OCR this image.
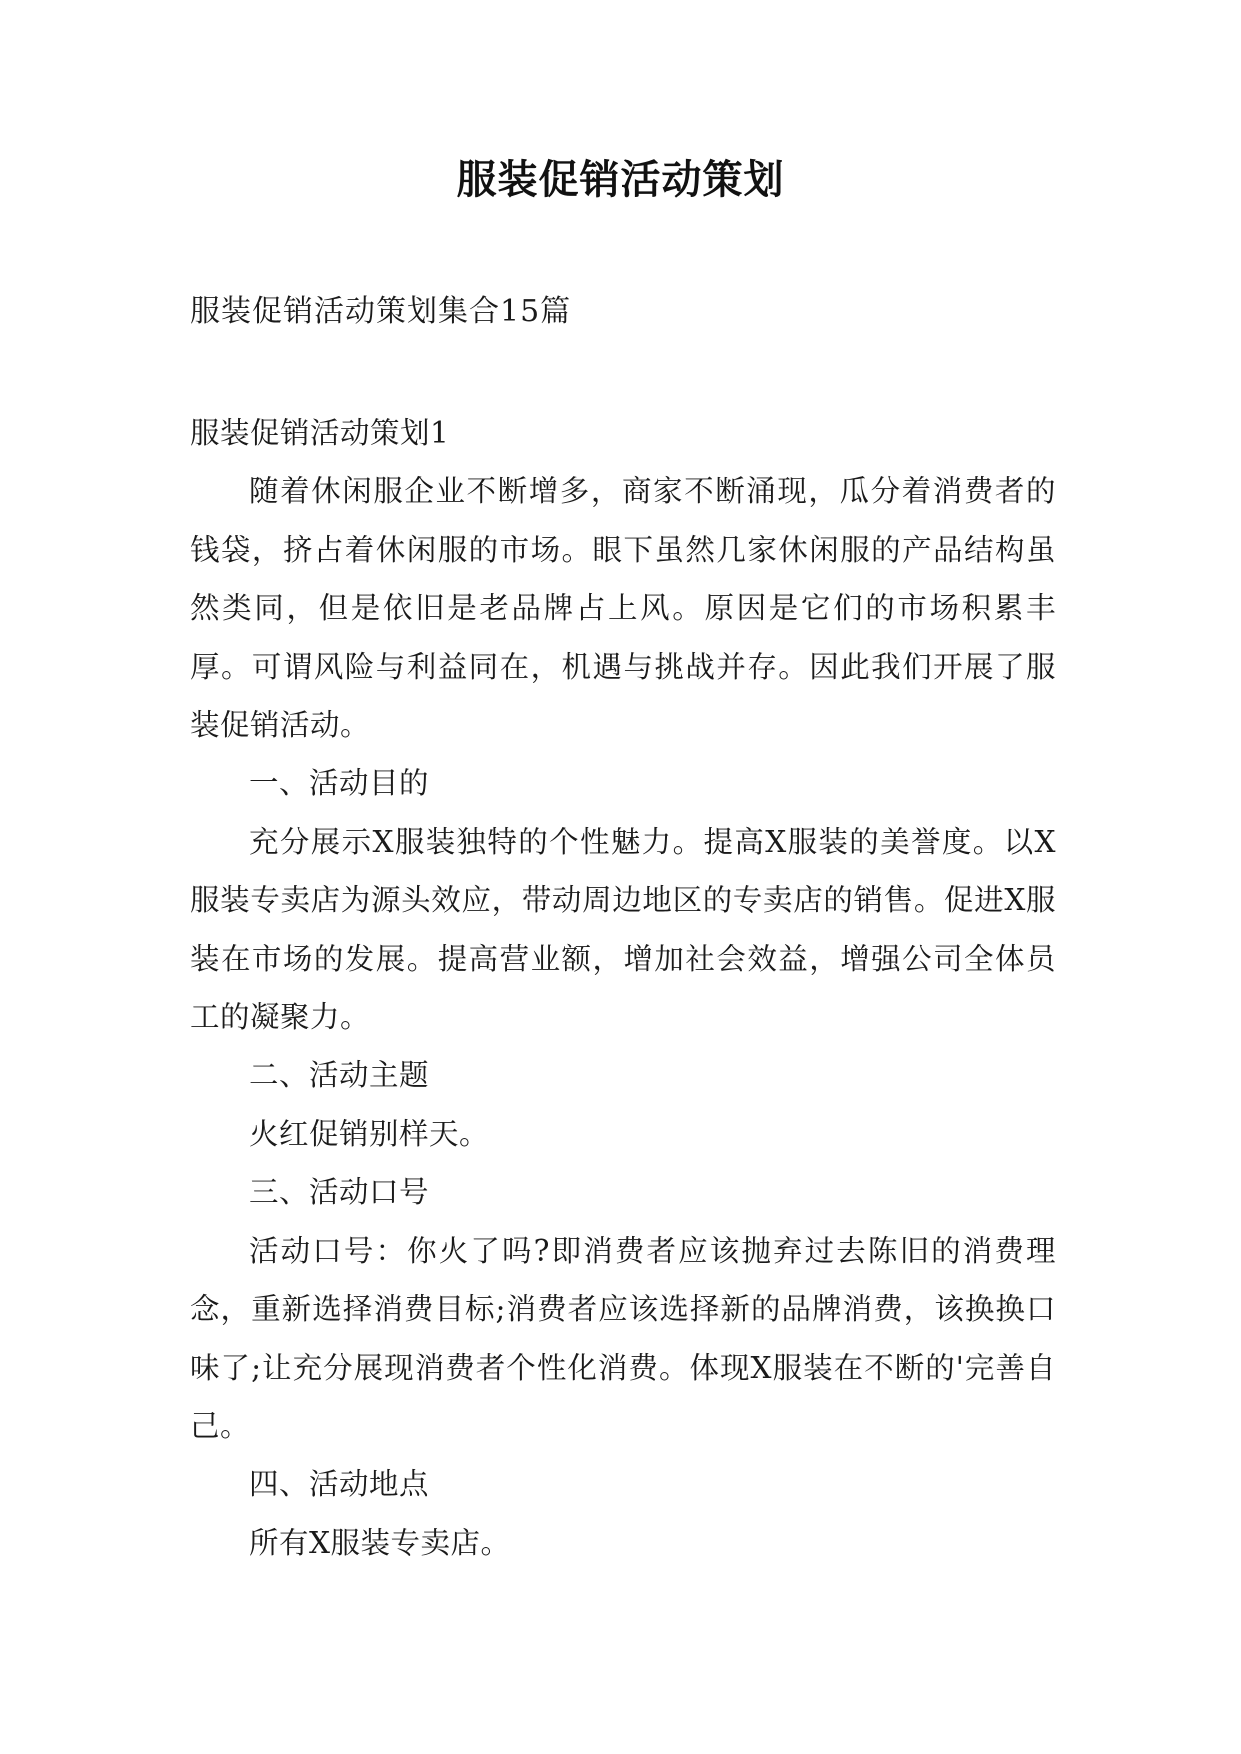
服装促销活动策划
服装促销活动策划集合15篇

服装促销活动策划1

随着休闲服企业不断增多，商家不断涌现，瓜分着消费者的钱袋，挤占着休闲服的市场。眼下虽然几家休闲服的产品结构虽然类同，但是依旧是老品牌占上风。原因是它们的市场积累丰厚。可谓风险与利益同在，机遇与挑战并存。因此我们开展了服装促销活动。

一、活动目的

充分展示X服装独特的个性魅力。提高X服装的美誉度。以X服装专卖店为源头效应，带动周边地区的专卖店的销售。促进X服装在市场的发展。提高营业额，增加社会效益，增强公司全体员工的凝聚力。

二、活动主题

火红促销别样天。

三、活动口号

活动口号：你火了吗?即消费者应该抛弃过去陈旧的消费理念，重新选择消费目标;消费者应该选择新的品牌消费，该换换口味了;让充分展现消费者个性化消费。体现X服装在不断的'完善自己。

四、活动地点

所有X服装专卖店。
